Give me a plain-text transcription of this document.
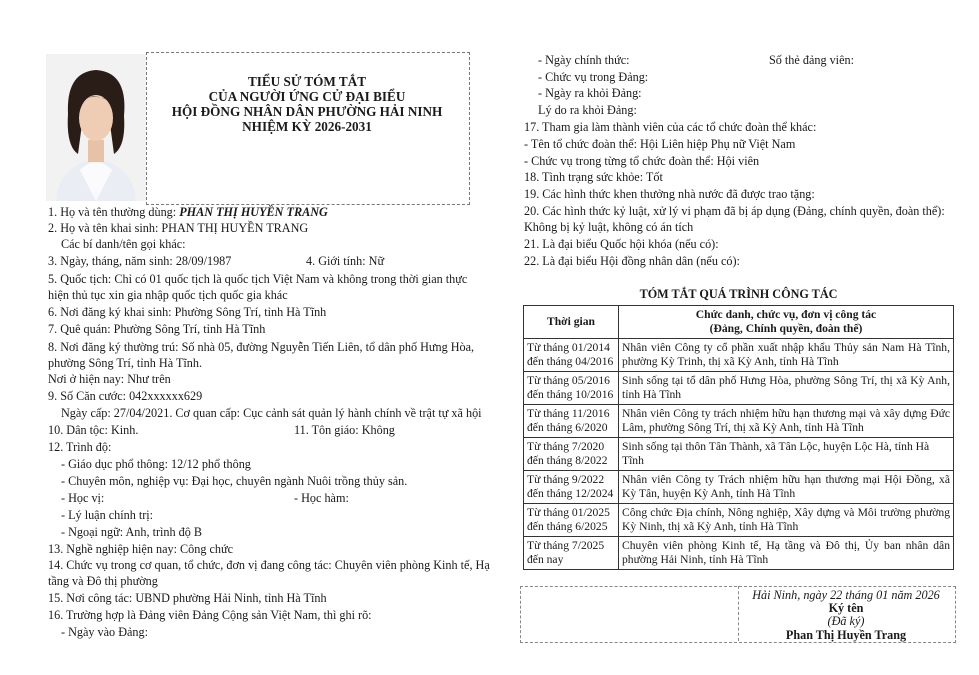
TIỂU SỬ TÓM TẮT
CỦA NGƯỜI ỨNG CỬ ĐẠI BIỂU
HỘI ĐỒNG NHÂN DÂN PHƯỜNG HẢI NINH
NHIỆM KỲ 2026-2031
1. Họ và tên thường dùng: PHAN THỊ HUYỀN TRANG
2. Họ và tên khai sinh: PHAN THỊ HUYỀN TRANG
Các bí danh/tên gọi khác:
3. Ngày, tháng, năm sinh: 28/09/1987	4. Giới tính: Nữ
5. Quốc tịch: Chỉ có 01 quốc tịch là quốc tịch Việt Nam và không trong thời gian thực
hiện thủ tục xin gia nhập quốc tịch quốc gia khác
6. Nơi đăng ký khai sinh: Phường Sông Trí, tỉnh Hà Tĩnh
7. Quê quán: Phường Sông Trí, tỉnh Hà Tĩnh
8. Nơi đăng ký thường trú: Số nhà 05, đường Nguyễn Tiến Liên, tổ dân phố Hưng Hòa,
phường Sông Trí, tỉnh Hà Tĩnh.
Nơi ở hiện nay: Như trên
9. Số Căn cước: 042xxxxxx629
Ngày cấp: 27/04/2021. Cơ quan cấp: Cục cảnh sát quản lý hành chính về trật tự xã hội
10. Dân tộc: Kinh.	11. Tôn giáo: Không
12. Trình độ:
- Giáo dục phổ thông: 12/12 phổ thông
- Chuyên môn, nghiệp vụ: Đại học, chuyên ngành Nuôi trồng thủy sản.
- Học vị:	- Học hàm:
- Lý luận chính trị:
- Ngoại ngữ: Anh, trình độ B
13. Nghề nghiệp hiện nay: Công chức
14. Chức vụ trong cơ quan, tổ chức, đơn vị đang công tác: Chuyên viên phòng Kinh tế, Hạ
tầng và Đô thị phường
15. Nơi công tác: UBND phường Hải Ninh, tỉnh Hà Tĩnh
16. Trường hợp là Đảng viên Đảng Cộng sản Việt Nam, thì ghi rõ:
- Ngày vào Đảng:
- Ngày chính thức:	Số thẻ đảng viên:
- Chức vụ trong Đảng:
- Ngày ra khỏi Đảng:
Lý do ra khỏi Đảng:
17. Tham gia làm thành viên của các tổ chức đoàn thể khác:
- Tên tổ chức đoàn thể: Hội Liên hiệp Phụ nữ Việt Nam
- Chức vụ trong từng tổ chức đoàn thể: Hội viên
18. Tình trạng sức khỏe: Tốt
19. Các hình thức khen thưởng nhà nước đã được trao tặng:
20. Các hình thức kỷ luật, xử lý vi phạm đã bị áp dụng (Đảng, chính quyền, đoàn thể):
Không bị kỷ luật, không có án tích
21. Là đại biểu Quốc hội khóa (nếu có):
22. Là đại biểu Hội đồng nhân dân (nếu có):
TÓM TẮT QUÁ TRÌNH CÔNG TÁC
Thời gian	Chức danh, chức vụ, đơn vị công tác
(Đảng, Chính quyền, đoàn thể)

Từ tháng 01/2014
đến tháng 04/2016	Nhân viên Công ty cổ phần xuất nhập khẩu Thủy sản Nam Hà Tĩnh, phường Kỳ Trinh, thị xã Kỳ Anh, tỉnh Hà Tĩnh

Từ tháng 05/2016
đến tháng 10/2016	Sinh sống tại tổ dân phố Hưng Hòa, phường Sông Trí, thị xã Kỳ Anh, tỉnh Hà Tĩnh

Từ tháng 11/2016
đến tháng 6/2020	Nhân viên Công ty trách nhiệm hữu hạn thương mại và xây dựng Đức Lâm, phường Sông Trí, thị xã Kỳ Anh, tỉnh Hà Tĩnh

Từ tháng 7/2020
đến tháng 8/2022	Sinh sống tại thôn Tân Thành, xã Tân Lộc, huyện Lộc Hà, tỉnh Hà Tĩnh

Từ tháng 9/2022
đến tháng 12/2024	Nhân viên Công ty Trách nhiệm hữu hạn thương mại Hội Đồng, xã Kỳ Tân, huyện Kỳ Anh, tỉnh Hà Tĩnh

Từ tháng 01/2025
đến tháng 6/2025	Công chức Địa chính, Nông nghiệp, Xây dựng và Môi trường phường Kỳ Ninh, thị xã Kỳ Anh, tỉnh Hà Tĩnh

Từ tháng 7/2025
đến nay	Chuyên viên phòng Kinh tế, Hạ tầng và Đô thị, Ủy ban nhân dân phường Hải Ninh, tỉnh Hà Tĩnh
Hải Ninh, ngày 22 tháng 01 năm 2026
Ký tên
(Đã ký)
Phan Thị Huyền Trang
